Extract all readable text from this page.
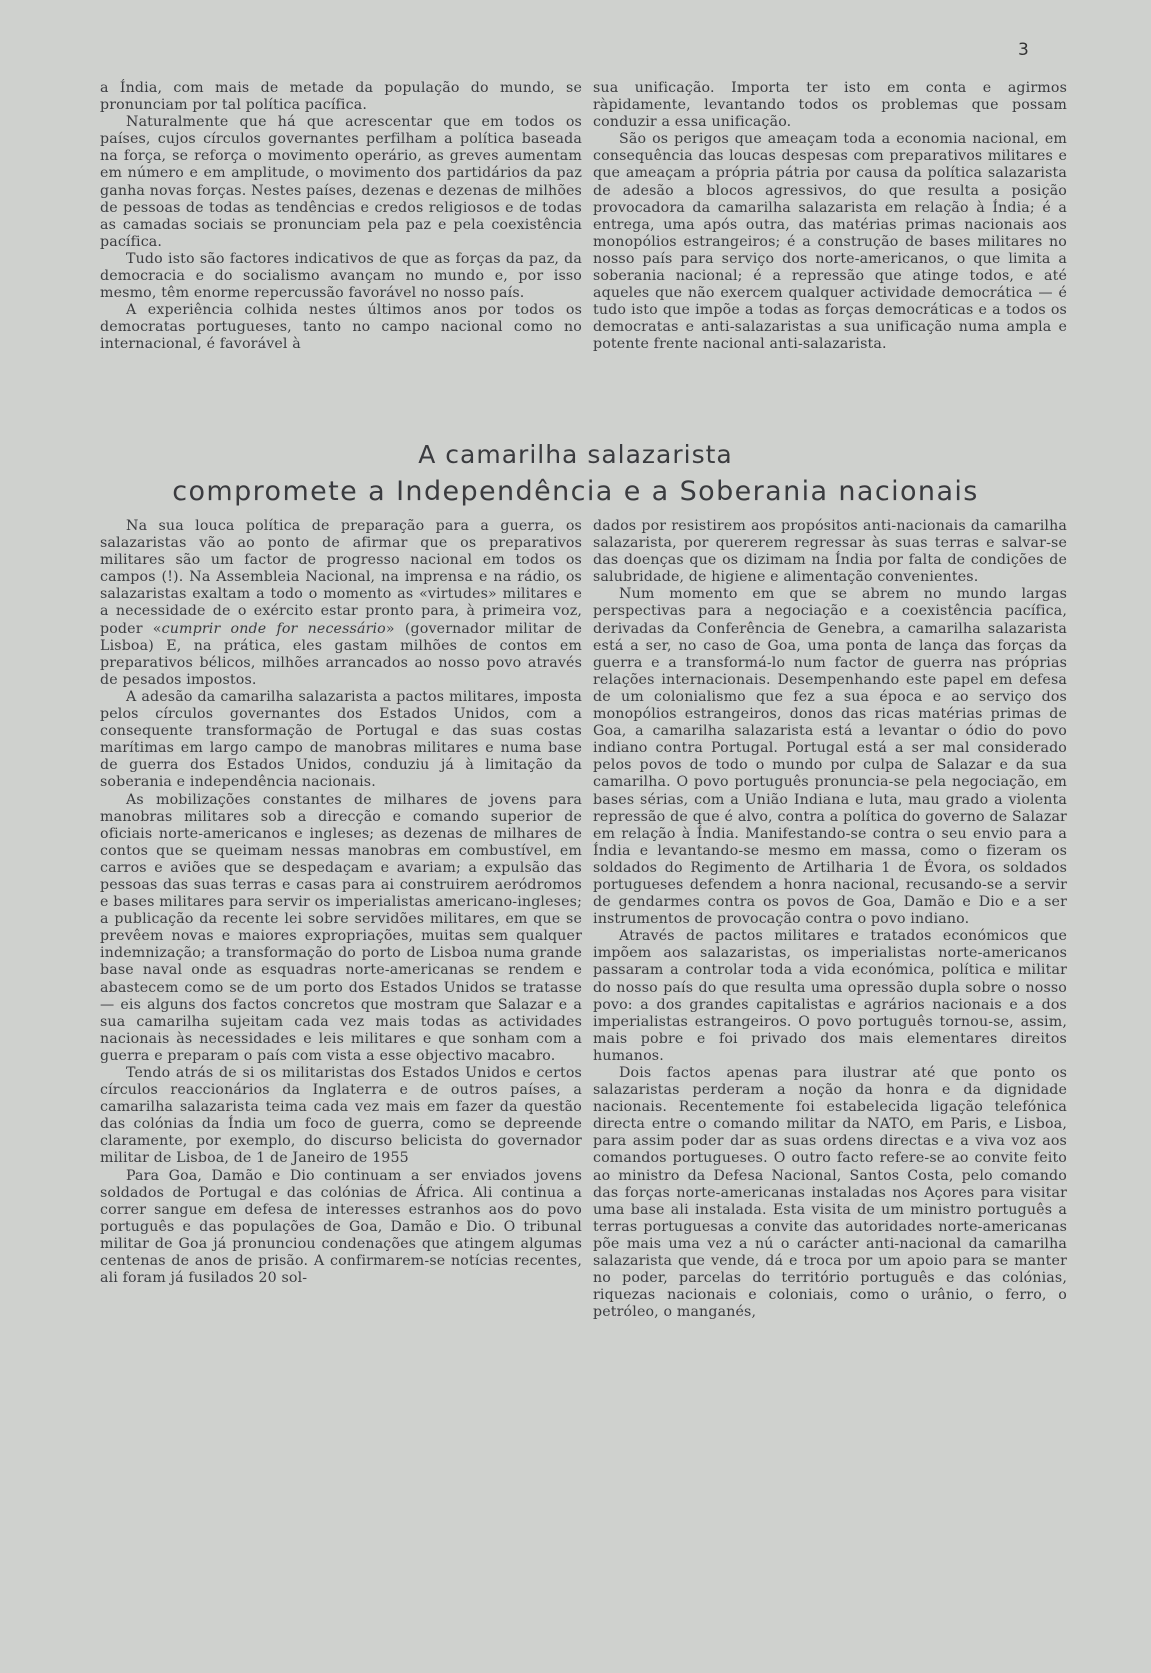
3

a Índia, com mais de metade da população do mundo, se pronunciam por tal política pacífica.

Naturalmente que há que acrescentar que em todos os países, cujos círculos governantes perfilham a política baseada na força, se reforça o movimento operário, as greves aumentam em número e em amplitude, o movimento dos partidários da paz ganha novas forças. Nestes países, dezenas e dezenas de milhões de pessoas de todas as tendências e credos religiosos e de todas as camadas sociais se pronunciam pela paz e pela coexistência pacífica.

Tudo isto são factores indicativos de que as forças da paz, da democracia e do socialismo avançam no mundo e, por isso mesmo, têm enorme repercussão favorável no nosso país.

A experiência colhida nestes últimos anos por todos os democratas portugueses, tanto no campo nacional como no internacional, é favorável à

sua unificação. Importa ter isto em conta e agirmos ràpidamente, levantando todos os problemas que possam conduzir a essa unificação.

São os perigos que ameaçam toda a economia nacional, em consequência das loucas despesas com preparativos militares e que ameaçam a própria pátria por causa da política salazarista de adesão a blocos agressivos, do que resulta a posição provocadora da camarilha salazarista em relação à Índia; é a entrega, uma após outra, das matérias primas nacionais aos monopólios estrangeiros; é a construção de bases militares no nosso país para serviço dos norte-americanos, o que limita a soberania nacional; é a repressão que atinge todos, e até aqueles que não exercem qualquer actividade democrática — é tudo isto que impõe a todas as forças democráticas e a todos os democratas e anti-salazaristas a sua unificação numa ampla e potente frente nacional anti-salazarista.

A camarilha salazarista
compromete a Independência e a Soberania nacionais

Na sua louca política de preparação para a guerra, os salazaristas vão ao ponto de afirmar que os preparativos militares são um factor de progresso nacional em todos os campos (!). Na Assembleia Nacional, na imprensa e na rádio, os salazaristas exaltam a todo o momento as «virtudes» militares e a necessidade de o exército estar pronto para, à primeira voz, poder «cumprir onde for necessário» (governador militar de Lisboa) E, na prática, eles gastam milhões de contos em preparativos bélicos, milhões arrancados ao nosso povo através de pesados impostos.

A adesão da camarilha salazarista a pactos militares, imposta pelos círculos governantes dos Estados Unidos, com a consequente transformação de Portugal e das suas costas marítimas em largo campo de manobras militares e numa base de guerra dos Estados Unidos, conduziu já à limitação da soberania e independência nacionais.

As mobilizações constantes de milhares de jovens para manobras militares sob a direcção e comando superior de oficiais norte-americanos e ingleses; as dezenas de milhares de contos que se queimam nessas manobras em combustível, em carros e aviões que se despedaçam e avariam; a expulsão das pessoas das suas terras e casas para ai construirem aeródromos e bases militares para servir os imperialistas americano-ingleses; a publicação da recente lei sobre servidões militares, em que se prevêem novas e maiores expropriações, muitas sem qualquer indemnização; a transformação do porto de Lisboa numa grande base naval onde as esquadras norte-americanas se rendem e abastecem como se de um porto dos Estados Unidos se tratasse — eis alguns dos factos concretos que mostram que Salazar e a sua camarilha sujeitam cada vez mais todas as actividades nacionais às necessidades e leis militares e que sonham com a guerra e preparam o país com vista a esse objectivo macabro.

Tendo atrás de si os militaristas dos Estados Unidos e certos círculos reaccionários da Inglaterra e de outros países, a camarilha salazarista teima cada vez mais em fazer da questão das colónias da Índia um foco de guerra, como se depreende claramente, por exemplo, do discurso belicista do governador militar de Lisboa, de 1 de Janeiro de 1955

Para Goa, Damão e Dio continuam a ser enviados jovens soldados de Portugal e das colónias de África. Ali continua a correr sangue em defesa de interesses estranhos aos do povo português e das populações de Goa, Damão e Dio. O tribunal militar de Goa já pronunciou condenações que atingem algumas centenas de anos de prisão. A confirmarem-se notícias recentes, ali foram já fusilados 20 sol-

dados por resistirem aos propósitos anti-nacionais da camarilha salazarista, por quererem regressar às suas terras e salvar-se das doenças que os dizimam na Índia por falta de condições de salubridade, de higiene e alimentação convenientes.

Num momento em que se abrem no mundo largas perspectivas para a negociação e a coexistência pacífica, derivadas da Conferência de Genebra, a camarilha salazarista está a ser, no caso de Goa, uma ponta de lança das forças da guerra e a transformá-lo num factor de guerra nas próprias relações internacionais. Desempenhando este papel em defesa de um colonialismo que fez a sua época e ao serviço dos monopólios estrangeiros, donos das ricas matérias primas de Goa, a camarilha salazarista está a levantar o ódio do povo indiano contra Portugal. Portugal está a ser mal considerado pelos povos de todo o mundo por culpa de Salazar e da sua camarilha. O povo português pronuncia-se pela negociação, em bases sérias, com a União Indiana e luta, mau grado a violenta repressão de que é alvo, contra a política do governo de Salazar em relação à Índia. Manifestando-se contra o seu envio para a Índia e levantando-se mesmo em massa, como o fizeram os soldados do Regimento de Artilharia 1 de Évora, os soldados portugueses defendem a honra nacional, recusando-se a servir de gendarmes contra os povos de Goa, Damão e Dio e a ser instrumentos de provocação contra o povo indiano.

Através de pactos militares e tratados económicos que impõem aos salazaristas, os imperialistas norte-americanos passaram a controlar toda a vida económica, política e militar do nosso país do que resulta uma opressão dupla sobre o nosso povo: a dos grandes capitalistas e agrários nacionais e a dos imperialistas estrangeiros. O povo português tornou-se, assim, mais pobre e foi privado dos mais elementares direitos humanos.

Dois factos apenas para ilustrar até que ponto os salazaristas perderam a noção da honra e da dignidade nacionais. Recentemente foi estabelecida ligação telefónica directa entre o comando militar da NATO, em Paris, e Lisboa, para assim poder dar as suas ordens directas e a viva voz aos comandos portugueses. O outro facto refere-se ao convite feito ao ministro da Defesa Nacional, Santos Costa, pelo comando das forças norte-americanas instaladas nos Açores para visitar uma base ali instalada. Esta visita de um ministro português a terras portuguesas a convite das autoridades norte-americanas põe mais uma vez a nú o carácter anti-nacional da camarilha salazarista que vende, dá e troca por um apoio para se manter no poder, parcelas do território português e das colónias, riquezas nacionais e coloniais, como o urânio, o ferro, o petróleo, o manganés,
